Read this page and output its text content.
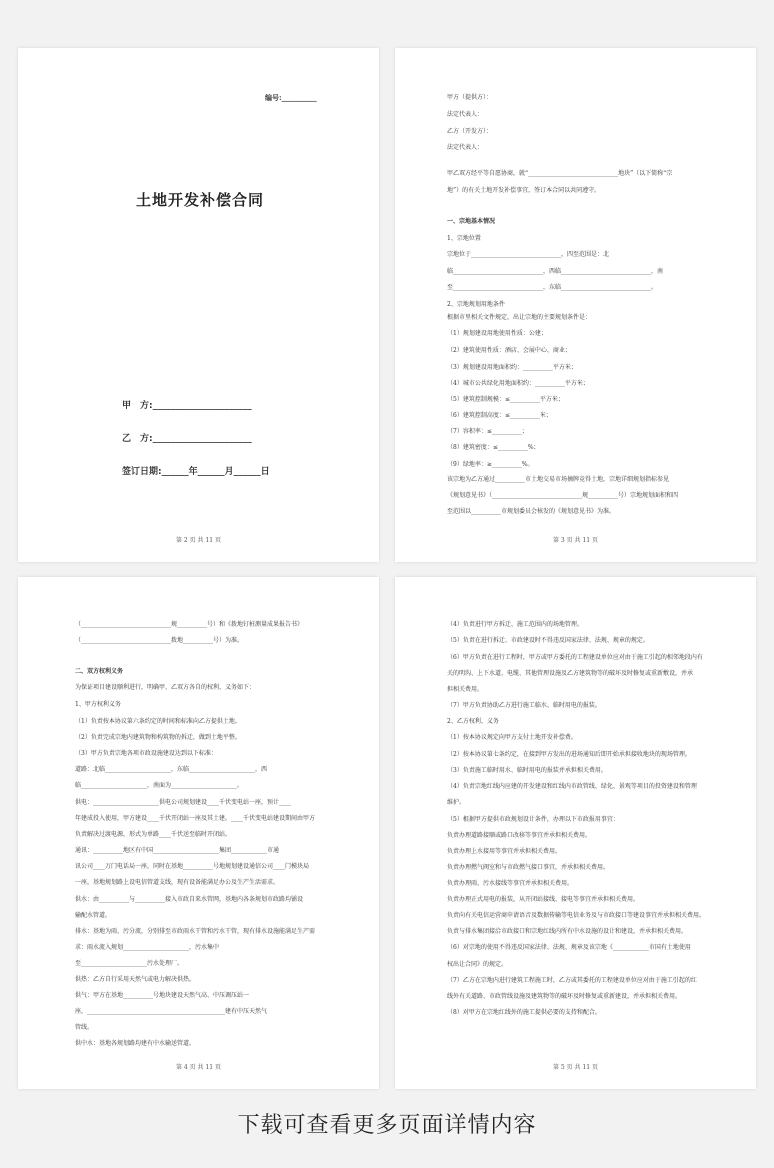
编号:__________
土地开发补偿合同
甲　方:______________________
乙　方:______________________
签订日期:______年______月______日
第 2 页 共 11 页
甲方（提供方）：
法定代表人：
乙方（开发方）：
法定代表人：
甲乙双方经平等自愿协商，就“______________________________地块”（以下简称“宗
地”）的有关土地开发补偿事宜，签订本合同以共同遵守。
一、宗地基本情况
1、宗地位置
宗地位于______________________________，四至范围是：北
临______________________________，西临______________________________，南
至______________________________，东临______________________________。
2、宗地规划用地条件
根据市里相关文件规定，出让宗地的主要规划条件是：
（1）规划建设用地使用性质：公建；
（2）建筑使用性质：酒店、会展中心、商业；
（3）规划建设用地面积约：__________平方米；
（4）城市公共绿化用地面积约：__________平方米；
（5）建筑控制规模：≤__________平方米；
（6）建筑控制高度：≤__________米；
（7）容积率：≤__________；
（8）建筑密度：≤__________%；
（9）绿地率：≥__________%。
该宗地为乙方通过__________市土地交易市场摘牌竞得土地，宗地详细规划指标参见
《规划意见书》（______________________________规__________号）宗地规划面积和四
至范围以__________市规划委员会核发的《规划意见书》为准。
第 3 页 共 11 页
（______________________________规__________号）和《拨地钉桩测量成果报告书》
（______________________________拨地__________号）为准。
二、双方权利义务
为保证项目建设顺利进行，明确甲、乙双方各自的权利、义务如下：
1、甲方权利义务
（1）负责按本协议第六条约定的时间和标准向乙方提供土地。
（2）负责完成宗地内建筑物和构筑物的拆迁，做到土地平整。
（3）甲方负责宗地各项市政设施建设达到以下标准：
道路：北临______________________，东临______________________，西
临______________________，南面为______________________。
供电：______________________供电公司规划建设____千伏变电站一座，预计____
年建成投入使用，甲方建设____千伏开闭站一座及其土建。____千伏变电站建设期间由甲方
负责解决过渡电源，形式为单路____千伏送至临时开闭站。
通讯：__________地区有中国______________________集团____________市通
讯公司____万门电话局一座，同时在基地__________号地规划建设通信公司____门模块局
一座，基地规划路上设电信管道支线，现有设备能满足办公及生产生活需求。
供水：由__________与__________接入市政自来水管网，基地内各条规划市政路均铺设
输配水管道。
排水：基地为雨、污分流，分别排至市政雨水干管和污水干管，现有排水设施能满足生产需
求：雨水流入规划______________________，污水集中
至______________________污水处理厂。
供热：乙方自行采用天然气或电力解决供热。
供气：甲方在基地__________号地块建设天然气高、中压调压站一
座，______________________________________________建有中压天然气
管线。
供中水：基地各规划路均建有中水输送管道。
第 4 页 共 11 页
（4）负责进行甲方拆迁、施工范围内的场地管理。
（5）负责在进行拆迁、市政建设时不得违反国家法律、法规、规章的规定。
（6）甲方负责在进行工程时，甲方或甲方委托的工程建设单位应对由于施工引起的相邻地段内有
关的明沟、上下水道、电缆、其他管理设施及乙方建筑物等的破坏及时修复或重新敷设，并承
担相关费用。
（7）甲方负责协助乙方进行施工临水、临时用电的报装。
2、乙方权利、义务
（1）按本协议规定向甲方支付土地开发补偿费。
（2）按本协议第七条约定，在接到甲方发出的进场通知后即开始承担接收地块的现场管理。
（3）负责施工临时用水、临时用电的报装并承担相关费用。
（4）负责宗地红线内应建的开发建设和红线内市政管线、绿化、景观等项目的投资建设和管理
维护。
（5）根据甲方提供市政规划设计条件，办理以下市政报用事宜：
负责办理道路接顺或路口改移等事宜并承担相关费用。
负责办理上水接用等事宜并承担相关费用。
负责办理燃气阀室和与市政燃气接口事宜，并承担相关费用。
负责办理雨、污水接线等事宜并承担相关费用。
负责办理正式用电的报装，从开闭站接线、接电等事宜并承担相关费用。
负责向有关电信运营商申请语音及数据传输等电信业务及与市政接口等建设事宜并承担相关费用。
负责与排水集团接洽市政接口和宗地红线内所有中水设施的设计和建设，并承担相关费用。
（6）对宗地的使用不得违反国家法律、法规、规章及该宗地《____________市国有土地使用
权出让合同》的规定。
（7）乙方在宗地内进行建筑工程施工时，乙方或其委托的工程建设单位应对由于施工引起的红
线外有关道路、市政管线设施及建筑物等的破坏及时修复或重新建设，并承担相关费用。
（8）对甲方在宗地红线外的施工提供必要的支持和配合。
第 5 页 共 11 页
下载可查看更多页面详情内容
